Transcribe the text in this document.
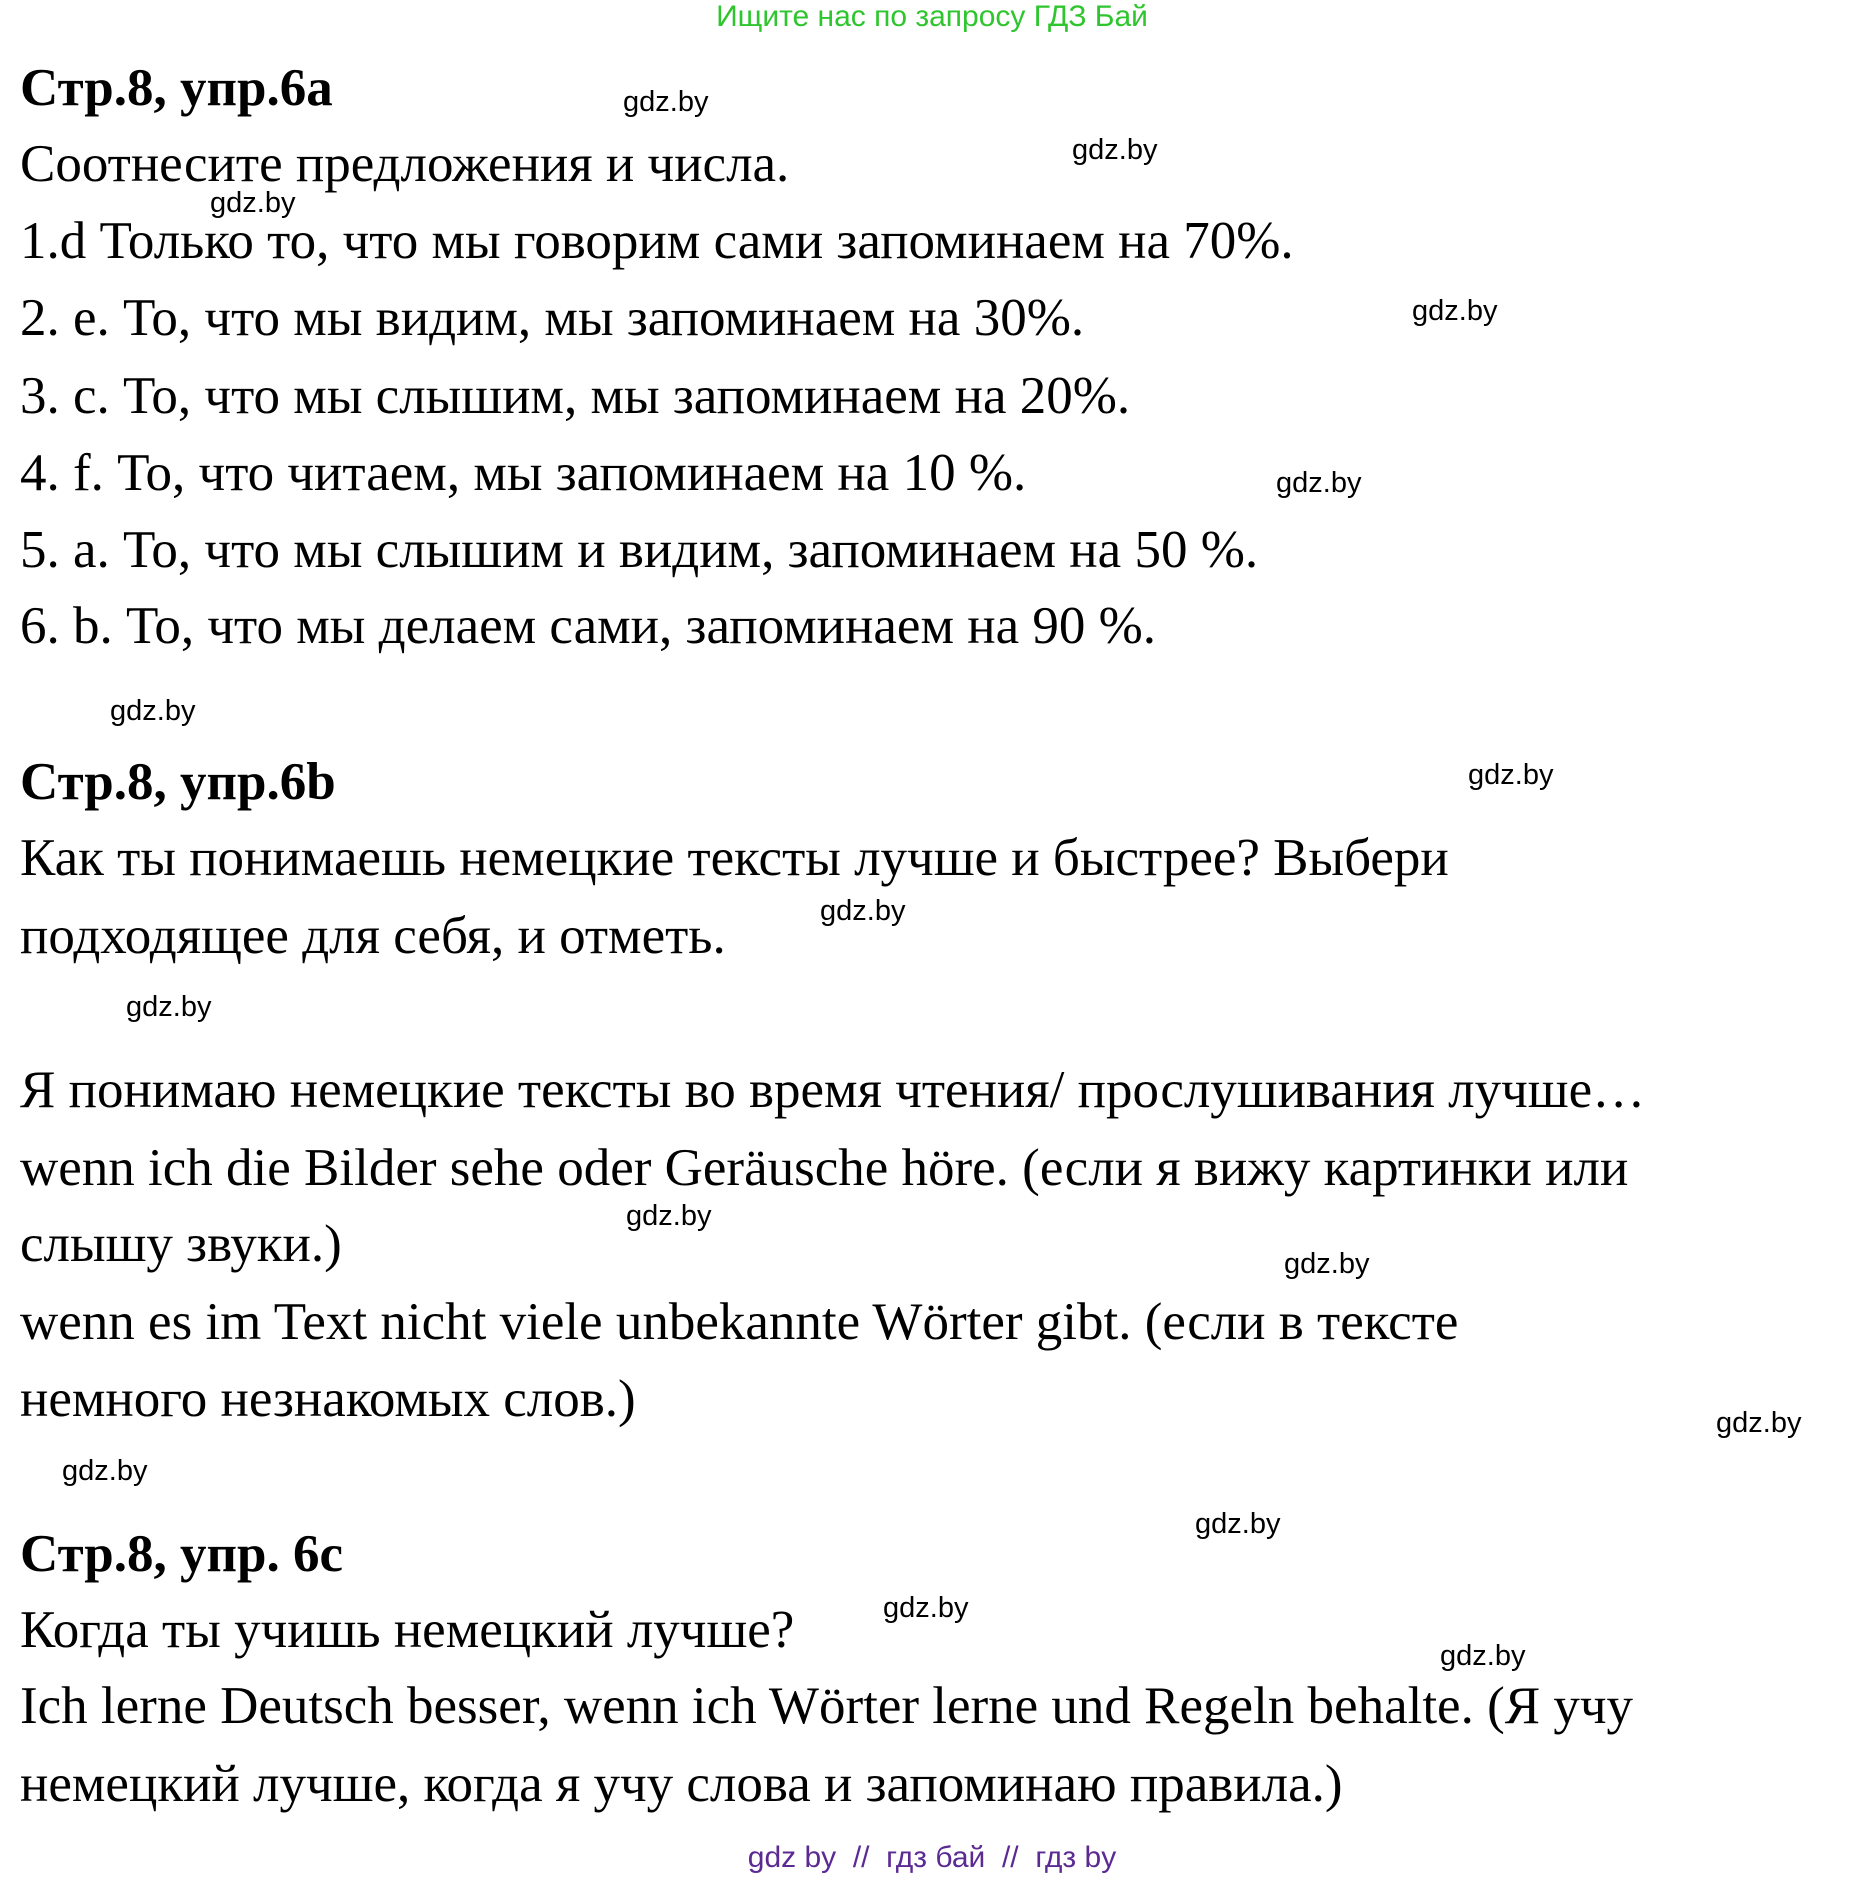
Ищите нас по запросу ГДЗ Бай
Стр.8, упр.6а
Соотнесите предложения и числа.
1.d Только то, что мы говорим сами запоминаем на 70%.
2. e. То, что мы видим, мы запоминаем на 30%.
3. c. То, что мы слышим, мы запоминаем на 20%.
4. f. То, что читаем, мы запоминаем на 10 %.
5. a. То, что мы слышим и видим, запоминаем на 50 %.
6. b. То, что мы делаем сами, запоминаем на 90 %.
Стр.8, упр.6b
Как ты понимаешь немецкие тексты лучше и быстрее? Выбери
подходящее для себя, и отметь.
Я понимаю немецкие тексты во время чтения/ прослушивания лучше…
wenn ich die Bilder sehe oder Geräusche höre. (если я вижу картинки или
слышу звуки.)
wenn es im Text nicht viele unbekannte Wörter gibt. (если в тексте
немного незнакомых слов.)
Стр.8, упр. 6c
Когда ты учишь немецкий лучше?
Ich lerne Deutsch besser, wenn ich Wörter lerne und Regeln behalte. (Я учу
немецкий лучше, когда я учу слова и запоминаю правила.)
gdz.by
gdz.by
gdz.by
gdz.by
gdz.by
gdz.by
gdz.by
gdz.by
gdz.by
gdz.by
gdz.by
gdz.by
gdz.by
gdz.by
gdz.by
gdz.by
gdz by  //  гдз бай  //  гдз by
